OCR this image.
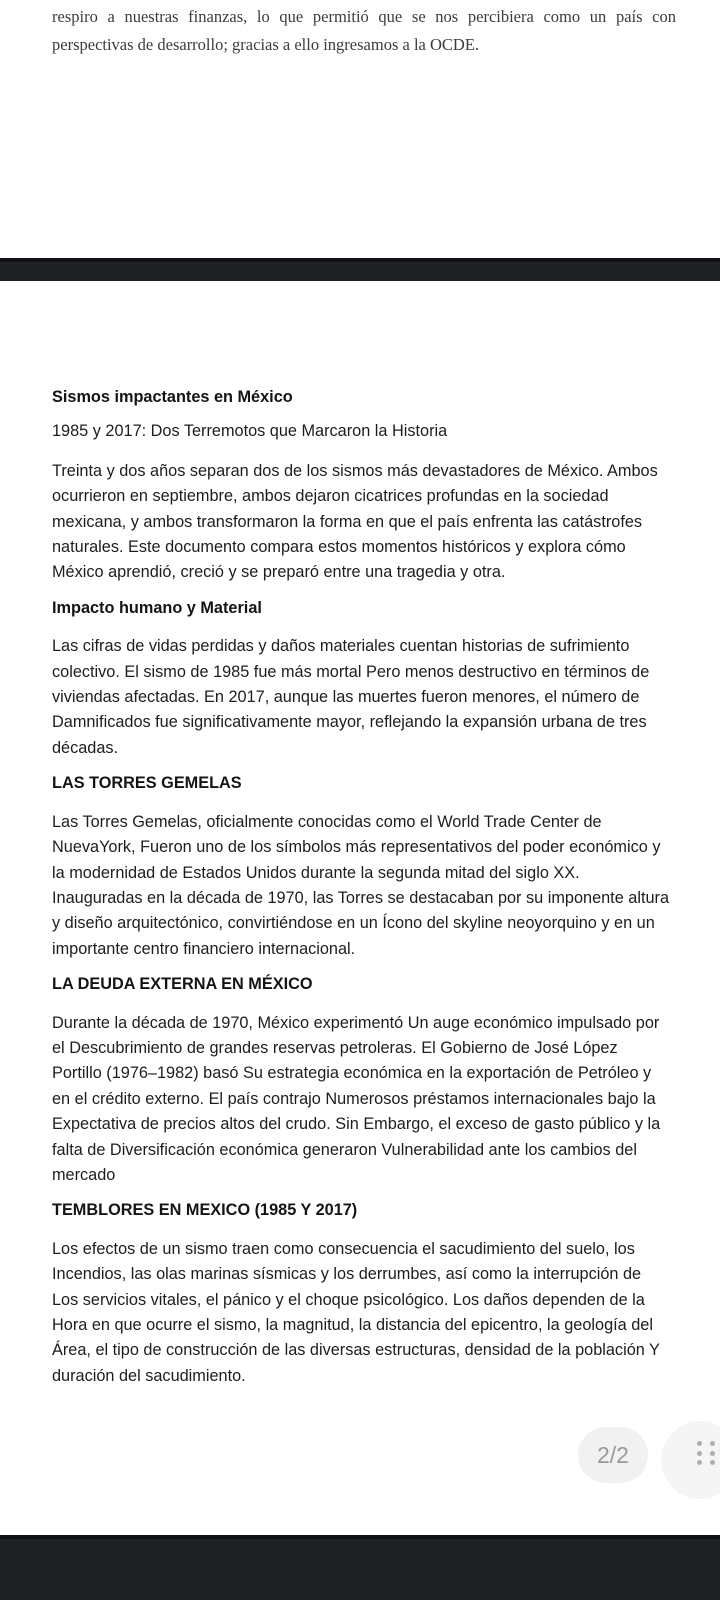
respiro a nuestras finanzas, lo que permitió que se nos percibiera como un país con perspectivas de desarrollo; gracias a ello ingresamos a la OCDE.

Sismos impactantes en México

1985 y 2017: Dos Terremotos que Marcaron la Historia

Treinta y dos años separan dos de los sismos más devastadores de México. Ambos ocurrieron en septiembre, ambos dejaron cicatrices profundas en la sociedad mexicana, y ambos transformaron la forma en que el país enfrenta las catástrofes naturales. Este documento compara estos momentos históricos y explora cómo México aprendió, creció y se preparó entre una tragedia y otra.

Impacto humano y Material

Las cifras de vidas perdidas y daños materiales cuentan historias de sufrimiento colectivo. El sismo de 1985 fue más mortal Pero menos destructivo en términos de viviendas afectadas. En 2017, aunque las muertes fueron menores, el número de Damnificados fue significativamente mayor, reflejando la expansión urbana de tres décadas.

LAS TORRES GEMELAS

Las Torres Gemelas, oficialmente conocidas como el World Trade Center de NuevaYork, Fueron uno de los símbolos más representativos del poder económico y la modernidad de Estados Unidos durante la segunda mitad del siglo XX. Inauguradas en la década de 1970, las Torres se destacaban por su imponente altura y diseño arquitectónico, convirtiéndose en un Ícono del skyline neoyorquino y en un importante centro financiero internacional.

LA DEUDA EXTERNA EN MÉXICO

Durante la década de 1970, México experimentó Un auge económico impulsado por el Descubrimiento de grandes reservas petroleras. El Gobierno de José López Portillo (1976–1982) basó Su estrategia económica en la exportación de Petróleo y en el crédito externo. El país contrajo Numerosos préstamos internacionales bajo la Expectativa de precios altos del crudo. Sin Embargo, el exceso de gasto público y la falta de Diversificación económica generaron Vulnerabilidad ante los cambios del mercado

TEMBLORES EN MEXICO (1985 Y 2017)

Los efectos de un sismo traen como consecuencia el sacudimiento del suelo, los Incendios, las olas marinas sísmicas y los derrumbes, así como la interrupción de Los servicios vitales, el pánico y el choque psicológico. Los daños dependen de la Hora en que ocurre el sismo, la magnitud, la distancia del epicentro, la geología del Área, el tipo de construcción de las diversas estructuras, densidad de la población Y duración del sacudimiento.

2/2
